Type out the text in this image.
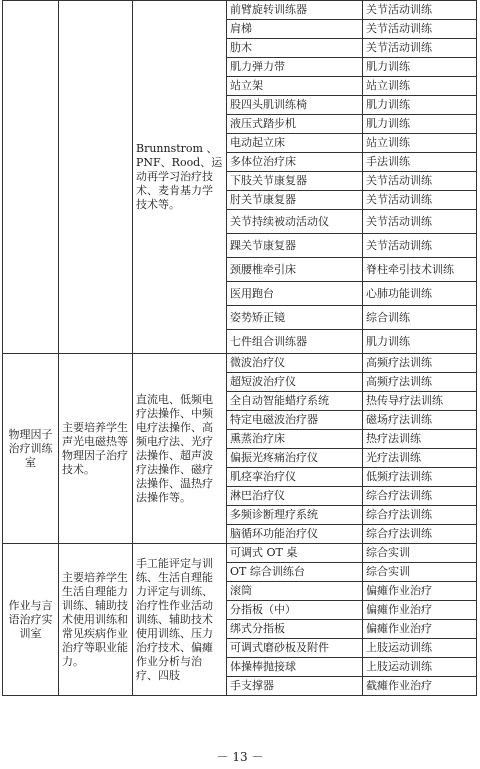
		Brunnstrom 、PNF、Rood、运动再学习治疗技术、麦肯基力学技术等。	前臂旋转训练器	关节活动训练
			肩梯	关节活动训练
			肋木	关节活动训练
			肌力弹力带	肌力训练
			站立架	站立训练
			股四头肌训练椅	肌力训练
			液压式踏步机	肌力训练
			电动起立床	站立训练
			多体位治疗床	手法训练
			下肢关节康复器	关节活动训练
			肘关节康复器	关节活动训练
			关节持续被动活动仪	关节活动训练
			踝关节康复器	关节活动训练
			颈腰椎牵引床	脊柱牵引技术训练
			医用跑台	心肺功能训练
			姿势矫正镜	综合训练
			七件组合训练器	肌力训练
物理因子治疗训练室	主要培养学生声光电磁热等物理因子治疗技术。	直流电、低频电疗法操作、中频电疗法操作、高频电疗法、光疗法操作、超声波疗法操作、磁疗法操作、温热疗法操作等。	微波治疗仪	高频疗法训练
			超短波治疗仪	高频疗法训练
			全自动智能蜡疗系统	热传导疗法训练
			特定电磁波治疗器	磁场疗法训练
			熏蒸治疗床	热疗法训练
			偏振光疼痛治疗仪	光疗法训练
			肌痉挛治疗仪	低频疗法训练
			淋巴治疗仪	综合疗法训练
			多频诊断理疗系统	综合疗法训练
			脑循环功能治疗仪	综合疗法训练
作业与言语治疗实训室	主要培养学生生活自理能力训练、辅助技术使用训练和常见疾病作业治疗等职业能力。	手工能评定与训练、生活自理能力评定与训练、治疗性作业活动训练、辅助技术使用训练、压力治疗技术、偏瘫作业分析与治疗、四肢	可调式 OT 桌	综合实训
			OT 综合训练台	综合实训
			滚筒	偏瘫作业治疗
			分指板（中）	偏瘫作业治疗
			绑式分指板	偏瘫作业治疗
			可调式磨砂板及附件	上肢运动训练
			体操棒抛接球	上肢运动训练
			手支撑器	截瘫作业治疗
－ 13 －
